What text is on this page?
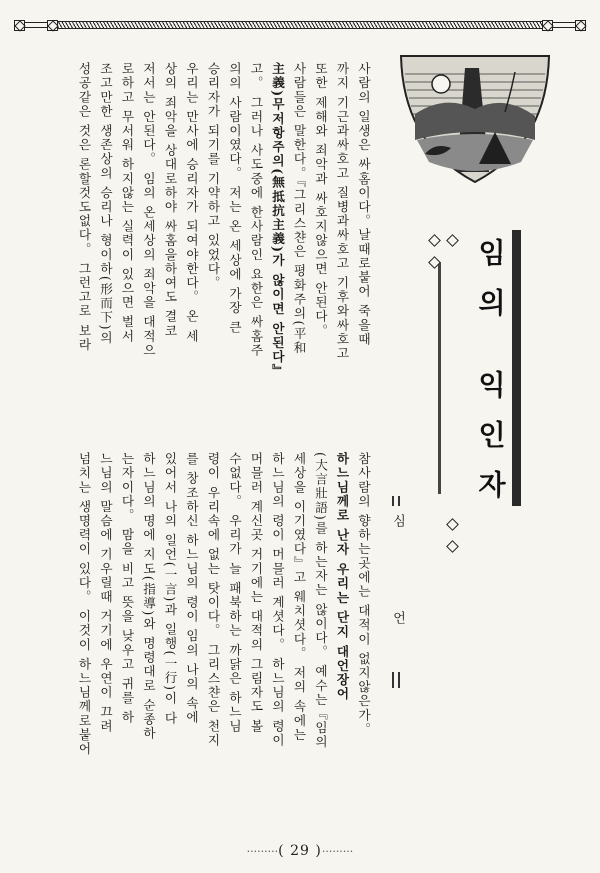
임의 익인자
심 언
참사람의 향하는곳에는 대적이 없지않은가。
하느님께로 난자 우리는 단지 대언장어
(大言壯語)를 하는자는 않이다。 예수는『임의
세상을 이기였다』고 웨치셧다。 저의 속에는
하느님의 령이 머믈러 계셧다。 하느님의 령이
머믈러 계신곳 거기에는 대적의 그림자도 볼
수없다。 우리가 늘 패북하는 까닭은 하느님
령이 우리속에 없는 탓이다。 그리스챤은 천지
를 창조하신 하느님의 령이 임의 나의 속에
있어서 나의 일언(一言)과 일행(一行)이 다
하느님의 명에 지도(指導)와 명령대로 순종하
는자이다。 맘을 비고 뜻을 낮우고 귀를 하
느님의 말슴에 기우릴때 거기에 우연이 끄려
넘치는 생명력이 있다。 이것이 하느님께로붙어
사람의 일생은 싸홈이다。날때로붙어 죽을때
까지 기근과싸호고 질병과싸호고 기후와싸호고
또한 제해와 죄악과 싸호지않으면 안된다。
사람들은 말한다。『그리스챤은 평화주의(平和
主義)무저항주의(無抵抗主義)가 않이면 안된다』
고。 그러나 사도중에 한사람인 요한은 싸홈주
의의 사람이였다。 저는 온 세상에 가장 큰
승리자가 되기를 기약하고 있었다。
우리는 만사에 승리자가 되여야한다。 온 세
상의 죄악을 상대로하야 싸홈을하여도 결코
저서는 안된다。 임의 온세상의 죄악을 대적으
로하고 무서워 하지않는 실력이 있으면 벌서
조고만한 생존상의 승리나 형이하(形而下)의
성공같은 것은 론할것도없다。 그런고로 보라
·········( 29 )·········
